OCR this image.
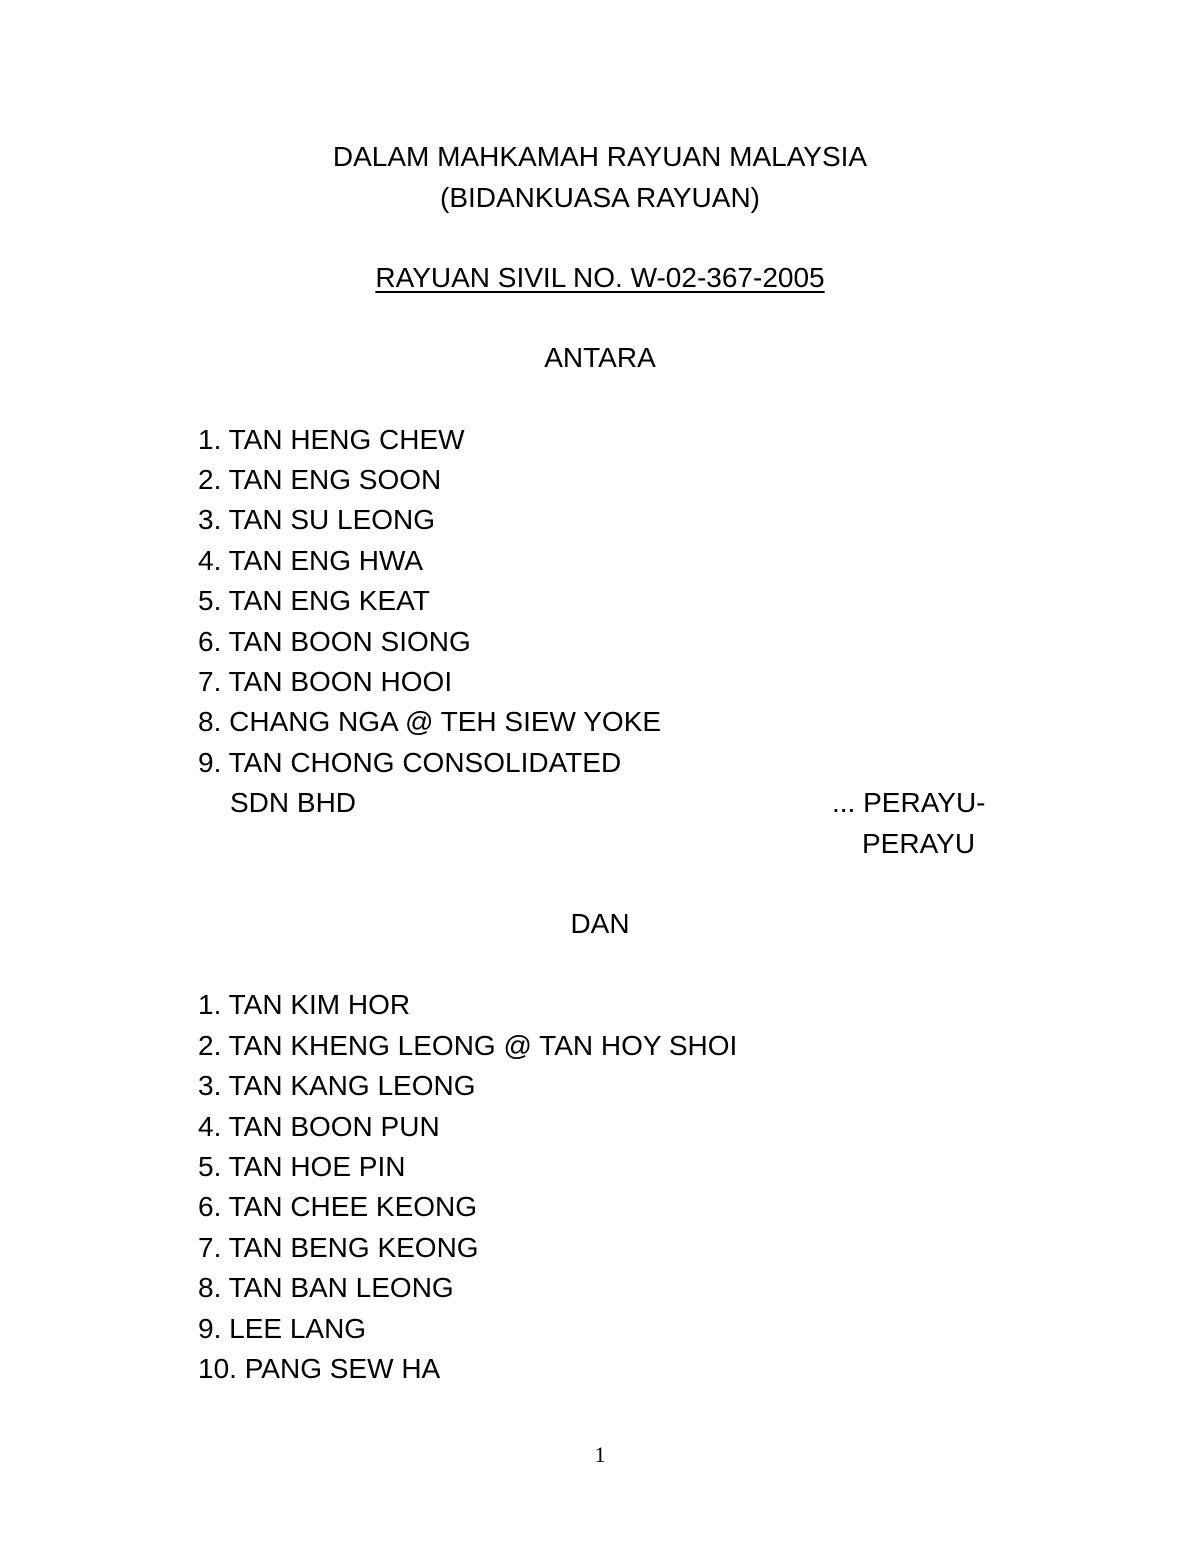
DALAM MAHKAMAH RAYUAN MALAYSIA
(BIDANKUASA RAYUAN)
RAYUAN SIVIL NO. W-02-367-2005
ANTARA
1. TAN HENG CHEW
2. TAN ENG SOON
3. TAN SU LEONG
4. TAN ENG HWA
5. TAN ENG KEAT
6. TAN BOON SIONG
7. TAN BOON HOOI
8. CHANG NGA @ TEH SIEW YOKE
9. TAN CHONG CONSOLIDATED
SDN BHD	... PERAYU-
PERAYU
DAN
1. TAN KIM HOR
2. TAN KHENG LEONG @ TAN HOY SHOI
3. TAN KANG LEONG
4. TAN BOON PUN
5. TAN HOE PIN
6. TAN CHEE KEONG
7. TAN BENG KEONG
8. TAN BAN LEONG
9. LEE LANG
10. PANG SEW HA
1
